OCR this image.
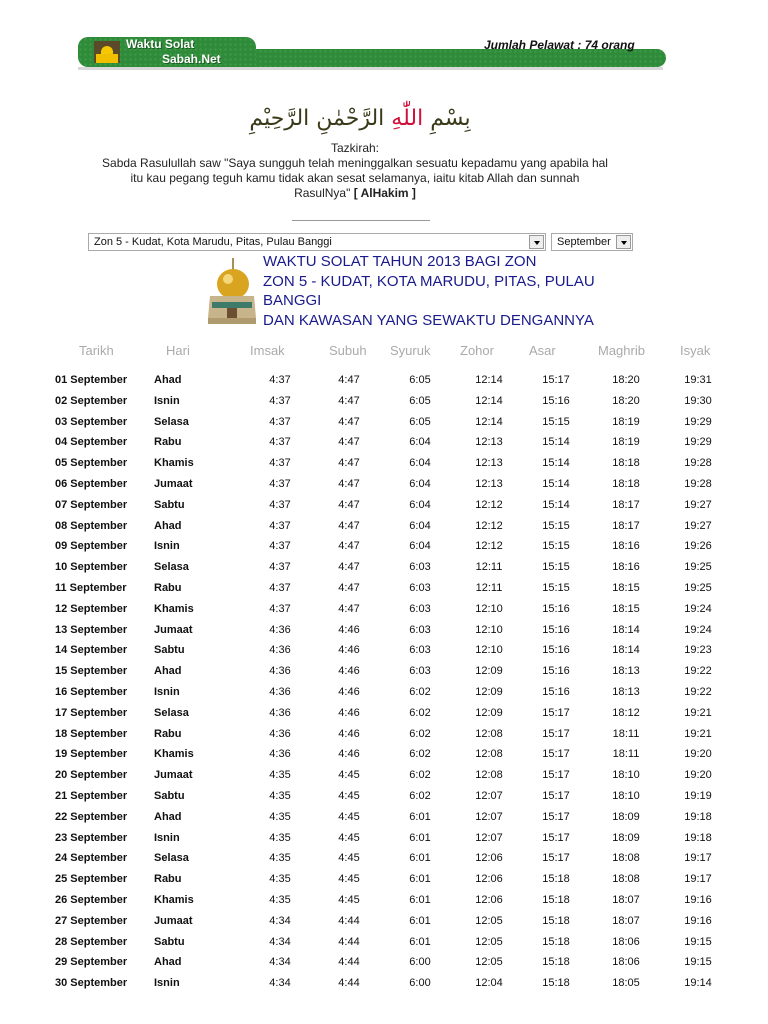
Waktu Solat
Sabah.Net
Jumlah Pelawat : 74 orang
بِسْمِ اللّٰهِ الرَّحْمٰنِ الرَّحِيْمِ
Tazkirah:
Sabda Rasulullah saw "Saya sungguh telah meninggalkan sesuatu kepadamu yang apabila hal
itu kau pegang teguh kamu tidak akan sesat selamanya, iaitu kitab Allah dan sunnah
RasulNya" [ AlHakim ]
Zon 5 - Kudat, Kota Marudu, Pitas, Pulau Banggi	September
WAKTU SOLAT TAHUN 2013 BAGI ZON
ZON 5 - KUDAT, KOTA MARUDU, PITAS, PULAU
BANGGI
DAN KAWASAN YANG SEWAKTU DENGANNYA
Tarikh	Hari	Imsak	Subuh Syuruk Zohor	Asar	Maghrib	Isyak
01 September Ahad	4:37	4:47	6:05	12:14	15:17	18:20	19:31
02 September Isnin	4:37	4:47	6:05	12:14	15:16	18:20	19:30
03 September Selasa	4:37	4:47	6:05	12:14	15:15	18:19	19:29
04 September Rabu	4:37	4:47	6:04	12:13	15:14	18:19	19:29
05 September Khamis	4:37	4:47	6:04	12:13	15:14	18:18	19:28
06 September Jumaat	4:37	4:47	6:04	12:13	15:14	18:18	19:28
07 September Sabtu	4:37	4:47	6:04	12:12	15:14	18:17	19:27
08 September Ahad	4:37	4:47	6:04	12:12	15:15	18:17	19:27
09 September Isnin	4:37	4:47	6:04	12:12	15:15	18:16	19:26
10 September Selasa	4:37	4:47	6:03	12:11	15:15	18:16	19:25
11 September Rabu	4:37	4:47	6:03	12:11	15:15	18:15	19:25
12 September Khamis	4:37	4:47	6:03	12:10	15:16	18:15	19:24
13 September Jumaat	4:36	4:46	6:03	12:10	15:16	18:14	19:24
14 September Sabtu	4:36	4:46	6:03	12:10	15:16	18:14	19:23
15 September Ahad	4:36	4:46	6:03	12:09	15:16	18:13	19:22
16 September Isnin	4:36	4:46	6:02	12:09	15:16	18:13	19:22
17 September Selasa	4:36	4:46	6:02	12:09	15:17	18:12	19:21
18 September Rabu	4:36	4:46	6:02	12:08	15:17	18:11	19:21
19 September Khamis	4:36	4:46	6:02	12:08	15:17	18:11	19:20
20 September Jumaat	4:35	4:45	6:02	12:08	15:17	18:10	19:20
21 September Sabtu	4:35	4:45	6:02	12:07	15:17	18:10	19:19
22 September Ahad	4:35	4:45	6:01	12:07	15:17	18:09	19:18
23 September Isnin	4:35	4:45	6:01	12:07	15:17	18:09	19:18
24 September Selasa	4:35	4:45	6:01	12:06	15:17	18:08	19:17
25 September Rabu	4:35	4:45	6:01	12:06	15:18	18:08	19:17
26 September Khamis	4:35	4:45	6:01	12:06	15:18	18:07	19:16
27 September Jumaat	4:34	4:44	6:01	12:05	15:18	18:07	19:16
28 September Sabtu	4:34	4:44	6:01	12:05	15:18	18:06	19:15
29 September Ahad	4:34	4:44	6:00	12:05	15:18	18:06	19:15
30 September Isnin	4:34	4:44	6:00	12:04	15:18	18:05	19:14
